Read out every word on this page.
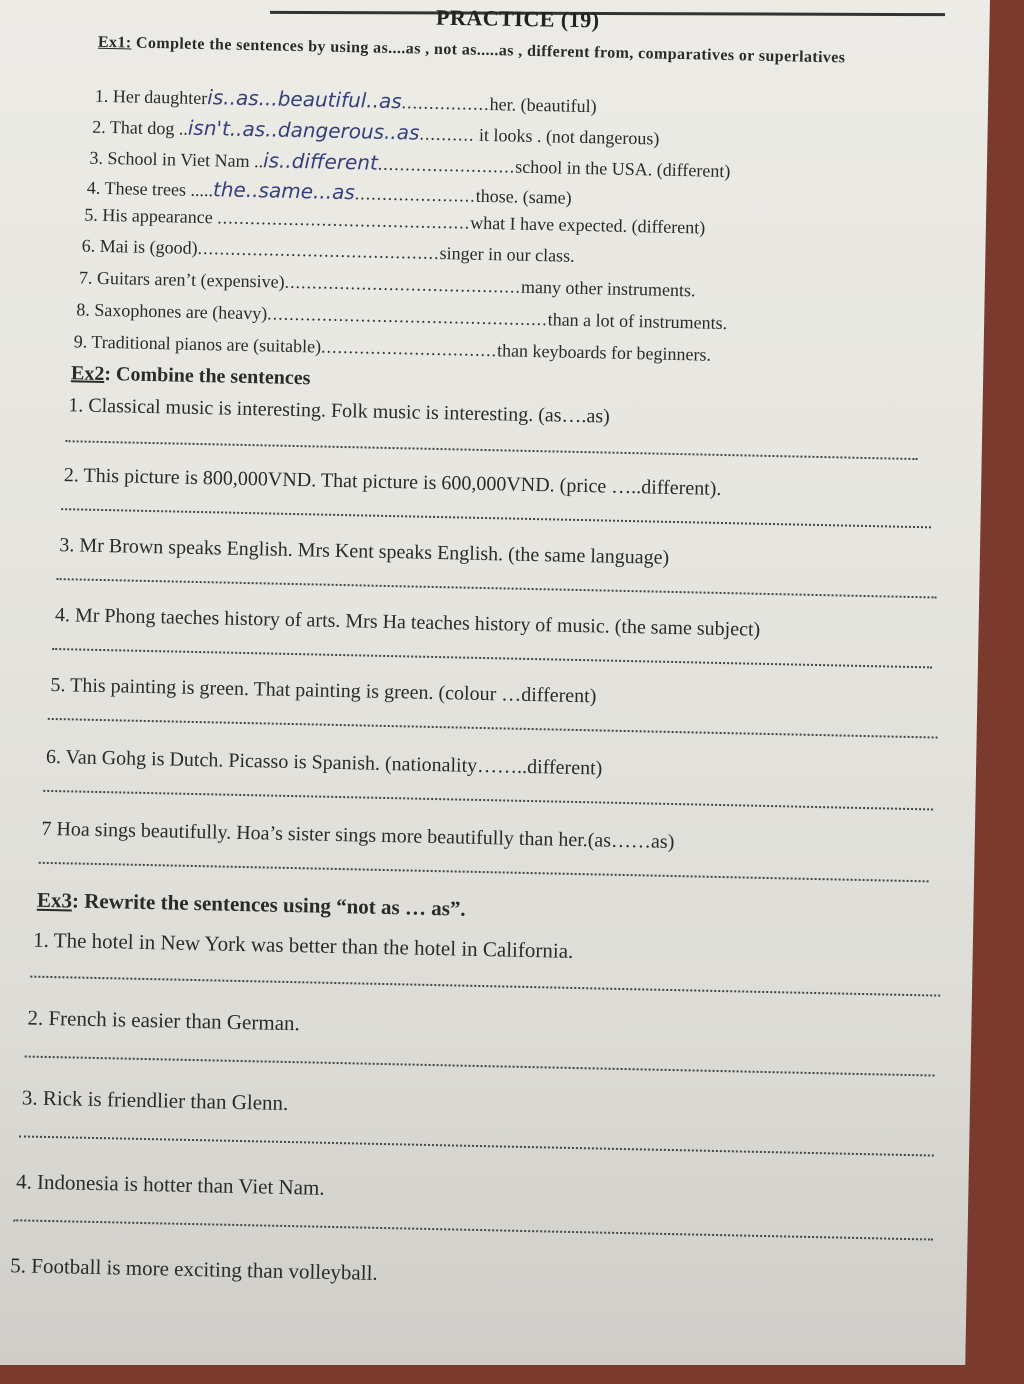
PRACTICE (19)
Ex1: Complete the sentences by using as....as , not as.....as , different from, comparatives or superlatives
1. Her daughteris..as...beautiful..as................her. (beautiful)
2. That dog ..isn't..as..dangerous..as.......... it looks . (not dangerous)
3. School in Viet Nam ..is..different.........................school in the USA. (different)
4. These trees .....the..same...as......................those. (same)
5. His appearance ..............................................what I have expected. (different)
6. Mai is (good)............................................singer in our class.
7. Guitars aren’t (expensive)...........................................many other instruments.
8. Saxophones are (heavy)...................................................than a lot of instruments.
9. Traditional pianos are (suitable)................................than keyboards for beginners.
Ex2: Combine the sentences
1. Classical music is interesting. Folk music is interesting. (as….as)
2. This picture is 800,000VND. That picture is 600,000VND. (price …..different).
3. Mr Brown speaks English. Mrs Kent speaks English. (the same language)
4. Mr Phong taeches history of arts. Mrs Ha teaches history of music. (the same subject)
5. This painting is green. That painting is green. (colour …different)
6. Van Gohg is Dutch. Picasso is Spanish. (nationality……..different)
7 Hoa sings beautifully. Hoa’s sister sings more beautifully than her.(as……as)
Ex3: Rewrite the sentences using “not as … as”.
1. The hotel in New York was better than the hotel in California.
2. French is easier than German.
3. Rick is friendlier than Glenn.
4. Indonesia is hotter than Viet Nam.
5. Football is more exciting than volleyball.
